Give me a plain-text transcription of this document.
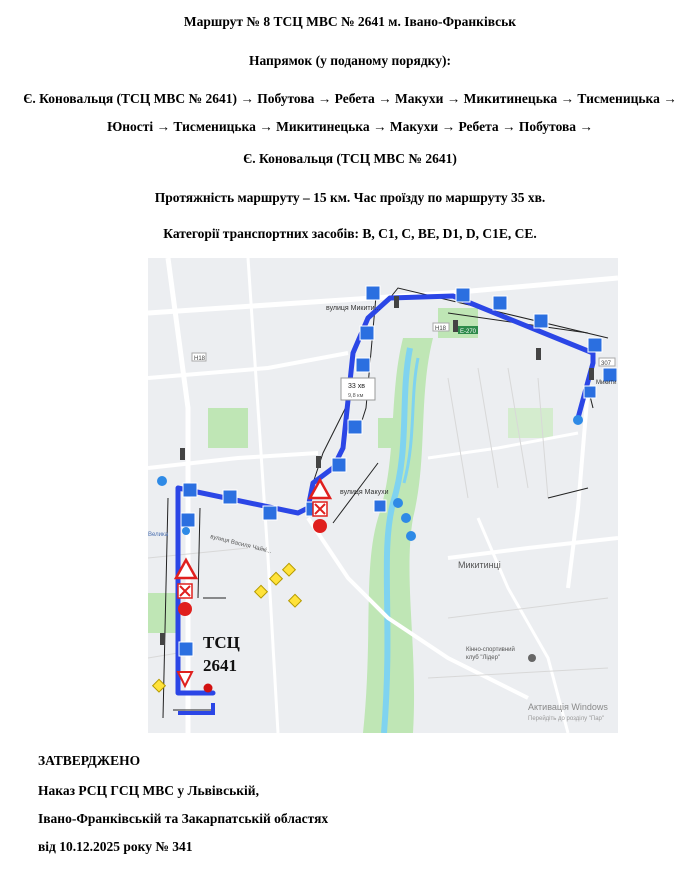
Маршрут № 8 ТСЦ МВС № 2641 м. Івано-Франківськ
Напрямок (у поданому порядку):
Є. Коновальця (ТСЦ МВС № 2641) → Побутова → Ребета → Макухи → Микитинецька → Тисменицька →
Юності → Тисменицька → Микитинецька → Макухи → Ребета → Побутова →
Є. Коновальця (ТСЦ МВС № 2641)
Протяжність маршруту – 15 км. Час проїзду по маршруту 35 хв.
Категорії транспортних засобів: B, C1, C, BE, D1, D, C1E, CE.
33 хв
9,8 км
H18
H18 Е-270
307
вулиця Микити...
вулиця Макухи
вулиця Василя Чайкі...
Велика
Микити
Микитинці
Кінно-спортивний
клуб "Лідер"
ТСЦ
2641
Активація Windows
Перейдіть до розділу "Пар"
ЗАТВЕРДЖЕНО
Наказ РСЦ ГСЦ МВС у Львівській,
Івано-Франківській та Закарпатській областях
від 10.12.2025 року № 341
